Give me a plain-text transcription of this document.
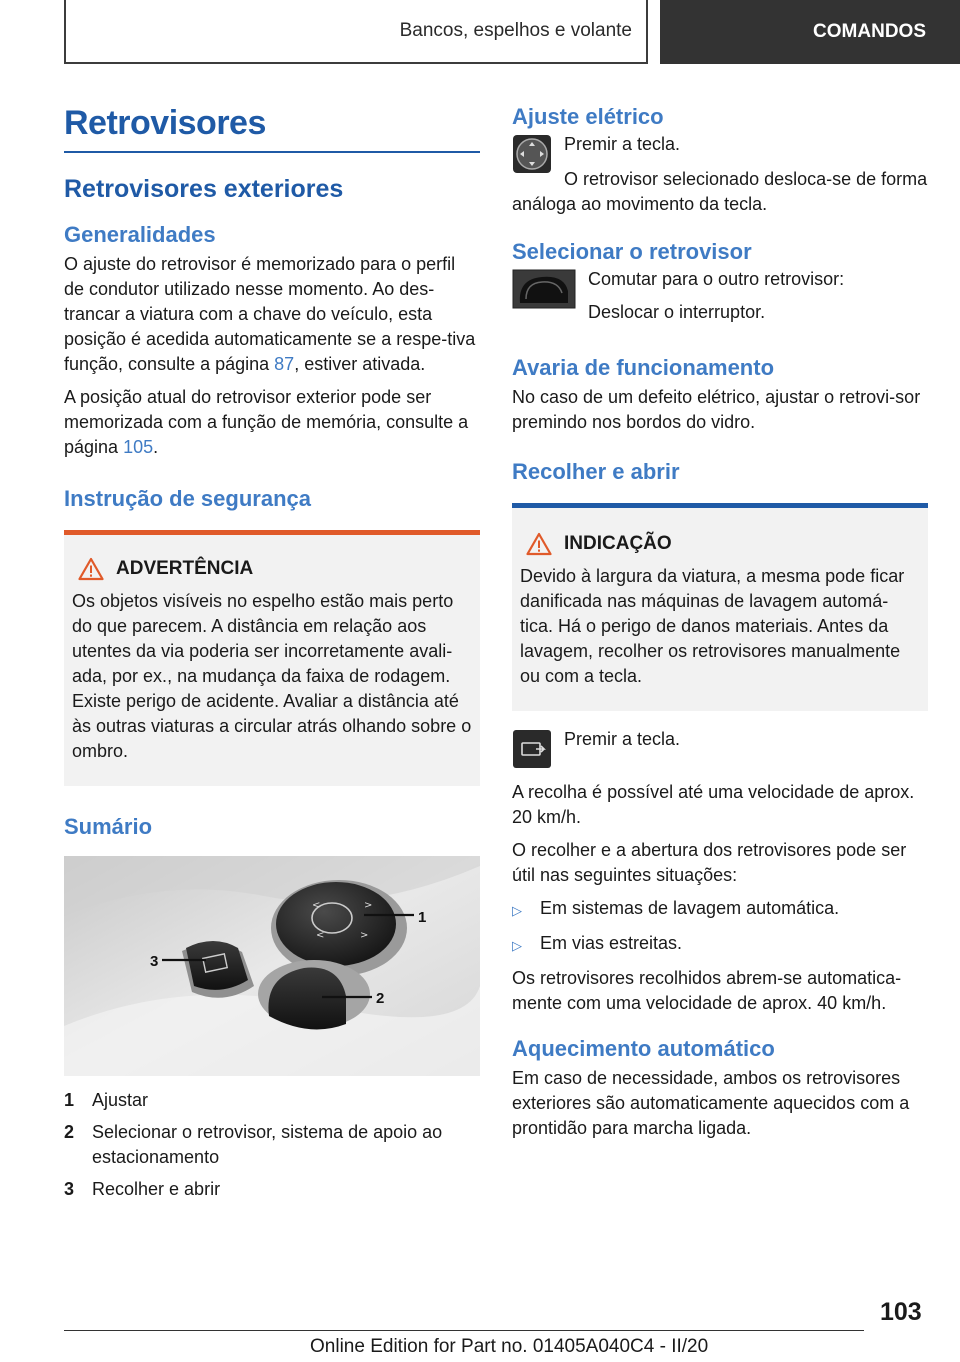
Bancos, espelhos e volante	COMANDOS
Retrovisores
Retrovisores exteriores
Generalidades

O ajuste do retrovisor é memorizado para o perfil de condutor utilizado nesse momento. Ao des-trancar a viatura com a chave do veículo, esta posição é acedida automaticamente se a respe-tiva função, consulte a página 87, estiver ativada.

A posição atual do retrovisor exterior pode ser memorizada com a função de memória, consulte a página 105.

Instrução de segurança
ADVERTÊNCIA

Os objetos visíveis no espelho estão mais perto do que parecem. A distância em relação aos utentes da via poderia ser incorretamente avali-ada, por ex., na mudança da faixa de rodagem. Existe perigo de acidente. Avaliar a distância até às outras viaturas a circular atrás olhando sobre o ombro.

Sumário
<	>
<	>
1
2
3
1 Ajustar
2 Selecionar o retrovisor, sistema de apoio ao estacionamento
3 Recolher e abrir
Ajuste elétrico

Premir a tecla.

O retrovisor selecionado desloca-se de forma análoga ao movimento da tecla.

Selecionar o retrovisor

Comutar para o outro retrovisor:

Deslocar o interruptor.

Avaria de funcionamento

No caso de um defeito elétrico, ajustar o retrovi-sor premindo nos bordos do vidro.

Recolher e abrir
INDICAÇÃO

Devido à largura da viatura, a mesma pode ficar danificada nas máquinas de lavagem automá-tica. Há o perigo de danos materiais. Antes da lavagem, recolher os retrovisores manualmente ou com a tecla.

Premir a tecla.

A recolha é possível até uma velocidade de aprox. 20 km/h.

O recolher e a abertura dos retrovisores pode ser útil nas seguintes situações:

▷	Em sistemas de lavagem automática.
▷	Em vias estreitas.

Os retrovisores recolhidos abrem-se automatica-mente com uma velocidade de aprox. 40 km/h.

Aquecimento automático

Em caso de necessidade, ambos os retrovisores exteriores são automaticamente aquecidos com a prontidão para marcha ligada.

103
Online Edition for Part no. 01405A040C4 - II/20
